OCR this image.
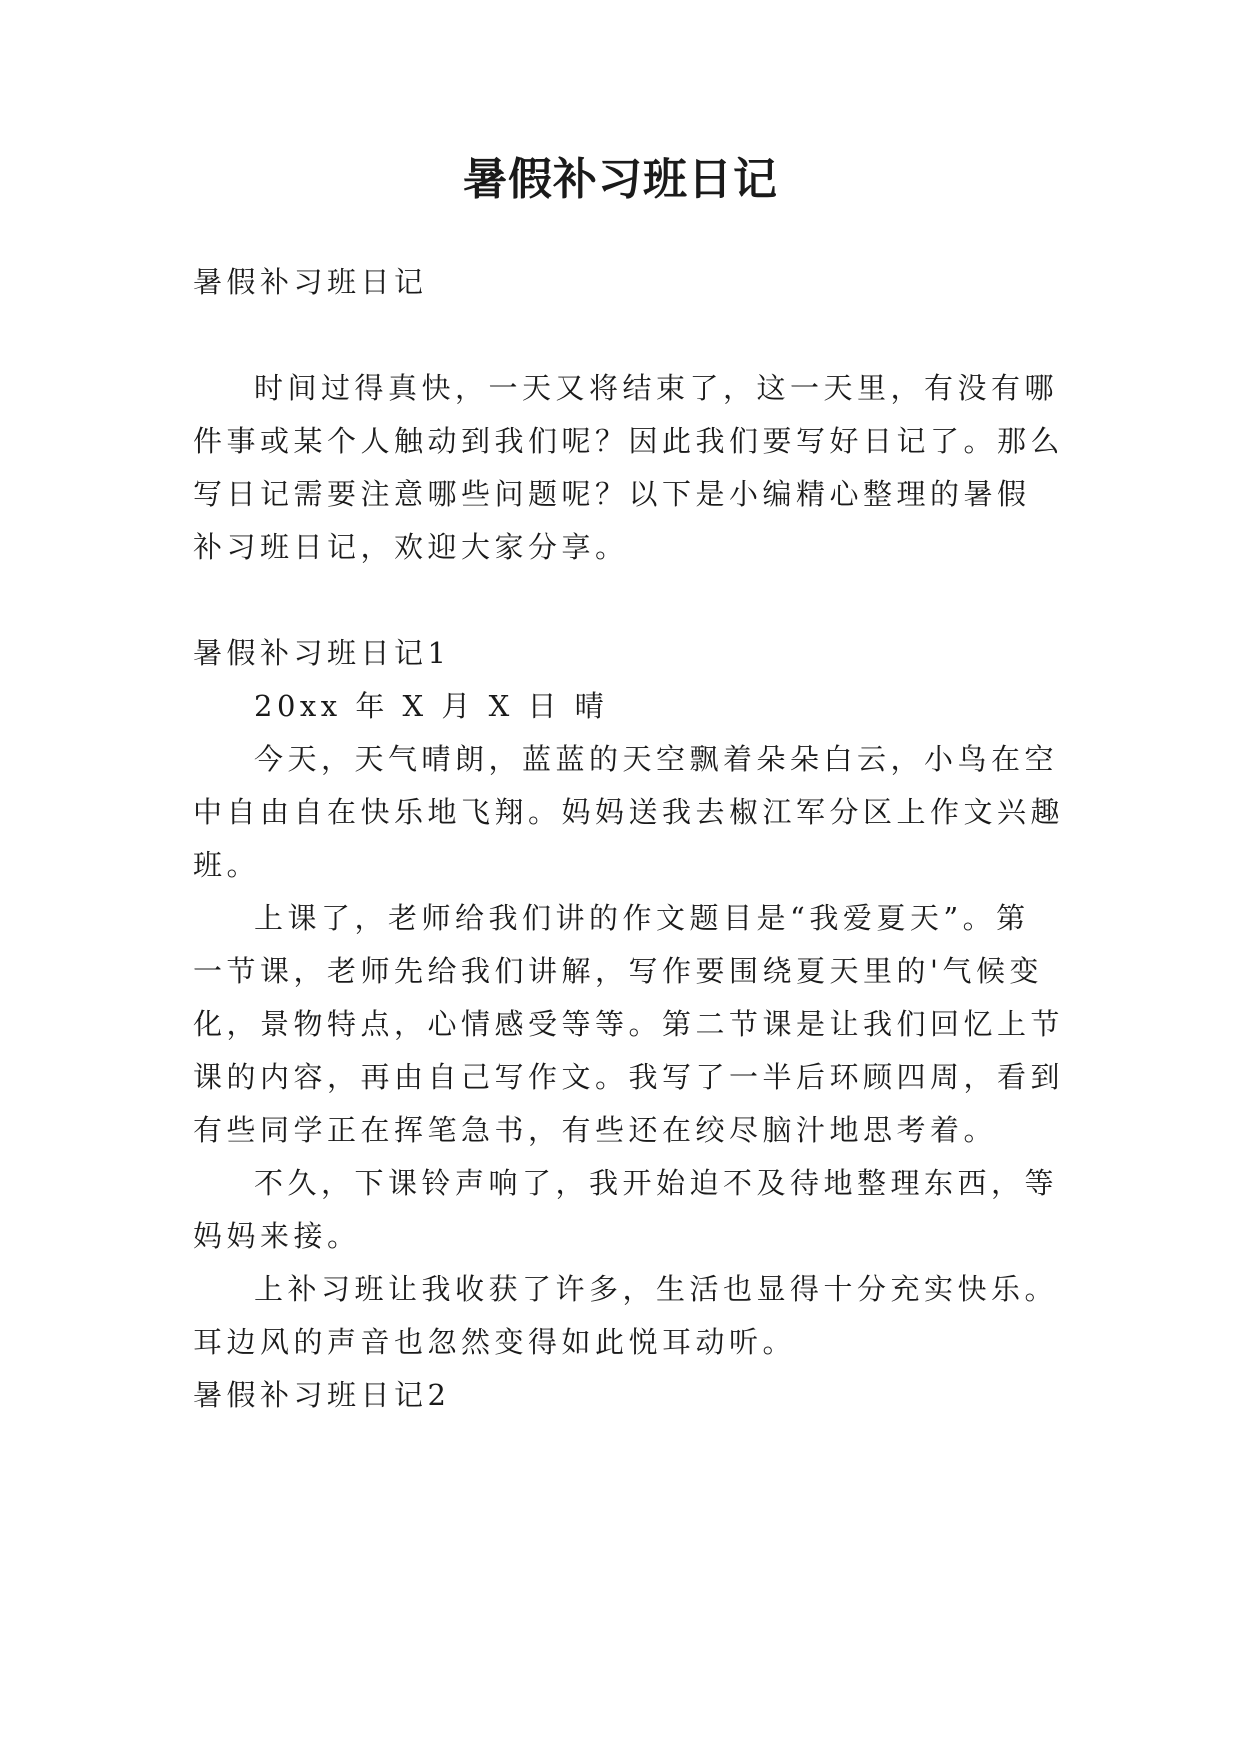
暑假补习班日记
暑假补习班日记
时间过得真快，一天又将结束了，这一天里，有没有哪
件事或某个人触动到我们呢？因此我们要写好日记了。那么
写日记需要注意哪些问题呢？以下是小编精心整理的暑假
补习班日记，欢迎大家分享。
暑假补习班日记1
20xx 年 X 月 X 日 晴
今天，天气晴朗，蓝蓝的天空飘着朵朵白云，小鸟在空
中自由自在快乐地飞翔。妈妈送我去椒江军分区上作文兴趣
班。
上课了，老师给我们讲的作文题目是“我爱夏天”。第
一节课，老师先给我们讲解，写作要围绕夏天里的'气候变
化，景物特点，心情感受等等。第二节课是让我们回忆上节
课的内容，再由自己写作文。我写了一半后环顾四周，看到
有些同学正在挥笔急书，有些还在绞尽脑汁地思考着。
不久，下课铃声响了，我开始迫不及待地整理东西，等
妈妈来接。
上补习班让我收获了许多，生活也显得十分充实快乐。
耳边风的声音也忽然变得如此悦耳动听。
暑假补习班日记2
